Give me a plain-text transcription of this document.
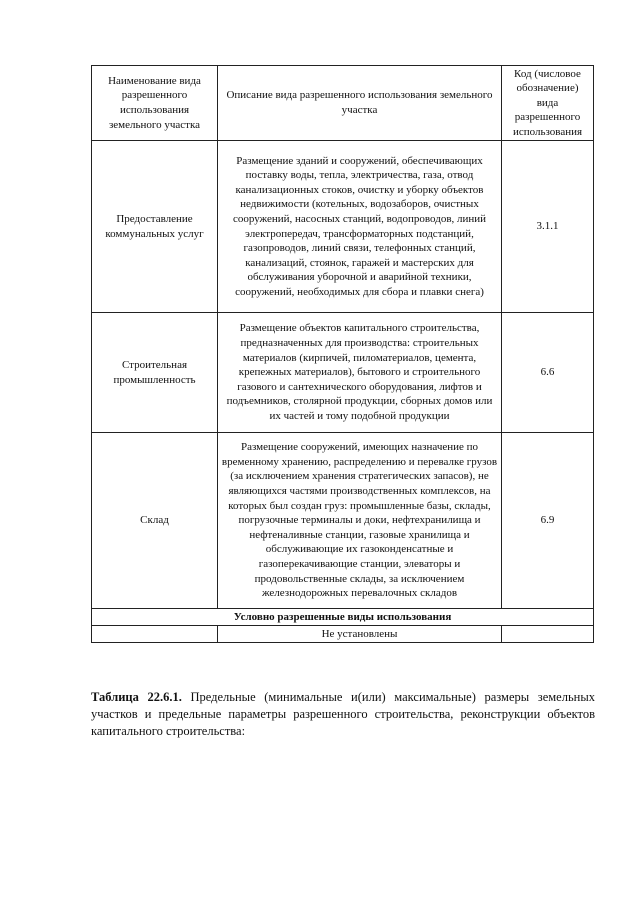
Наименование вида разрешенного использования земельного участка	Описание вида разрешенного использования земельного участка	Код (числовое обозначение) вида разрешенного использования
Предоставление коммунальных услуг	Размещение зданий и сооружений, обеспечивающих поставку воды, тепла, электричества, газа, отвод канализационных стоков, очистку и уборку объектов недвижимости (котельных, водозаборов, очистных сооружений, насосных станций, водопроводов, линий электропередач, трансформаторных подстанций, газопроводов, линий связи, телефонных станций, канализаций, стоянок, гаражей и мастерских для обслуживания уборочной и аварийной техники, сооружений, необходимых для сбора и плавки снега)	3.1.1
Строительная промышленность	Размещение объектов капитального строительства, предназначенных для производства: строительных материалов (кирпичей, пиломатериалов, цемента, крепежных материалов), бытового и строительного газового и сантехнического оборудования, лифтов и подъемников, столярной продукции, сборных домов или их частей и тому подобной продукции	6.6
Склад	Размещение сооружений, имеющих назначение по временному хранению, распределению и перевалке грузов (за исключением хранения стратегических запасов), не являющихся частями производственных комплексов, на которых был создан груз: промышленные базы, склады, погрузочные терминалы и доки, нефтехранилища и нефтеналивные станции, газовые хранилища и обслуживающие их газоконденсатные и газоперекачивающие станции, элеваторы и продовольственные склады, за исключением железнодорожных перевалочных складов	6.9
Условно разрешенные виды использования		
	Не установлены	
Таблица 22.6.1. Предельные (минимальные и(или) максимальные) размеры земельных участков и предельные параметры разрешенного строительства, реконструкции объектов капитального строительства:
